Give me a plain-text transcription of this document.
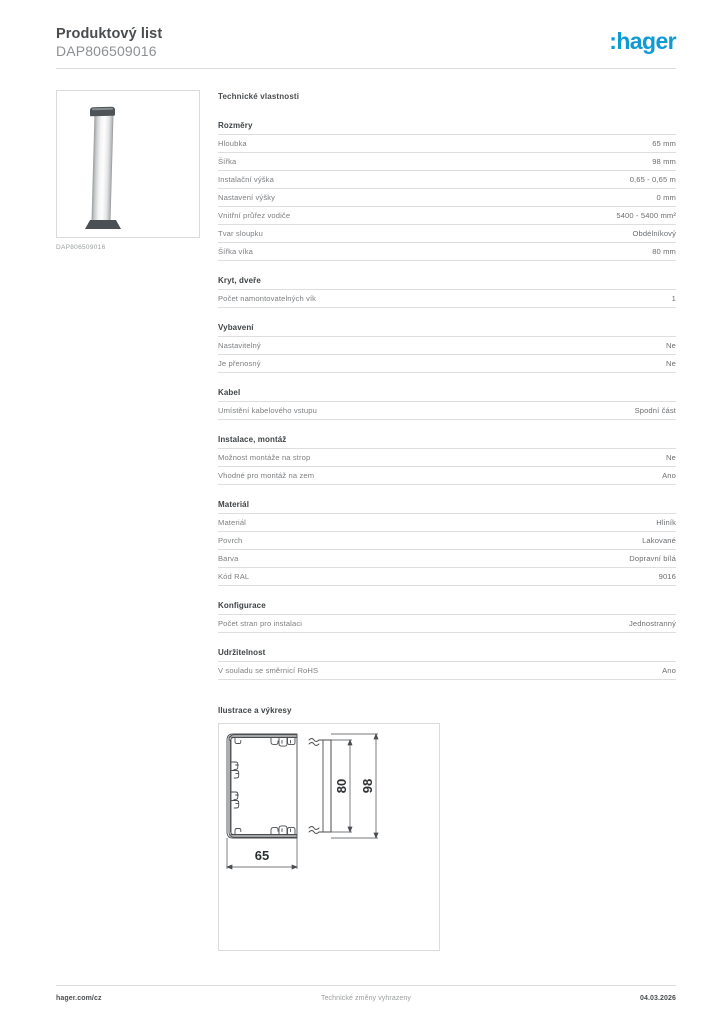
Produktový list
DAP806509016	:hager
DAP806509016
Technické vlastnosti
Rozměry
Hloubka	65 mm
Šířka	98 mm
Instalační výška	0,65 - 0,65 m
Nastavení výšky	0 mm
Vnitřní průřez vodiče	5400 - 5400 mm²
Tvar sloupku	Obdélníkový
Šířka víka	80 mm
Kryt, dveře
Počet namontovatelných vík	1
Vybavení
Nastavitelný	Ne
Je přenosný	Ne
Kabel
Umístění kabelového vstupu	Spodní část
Instalace, montáž
Možnost montáže na strop	Ne
Vhodné pro montáž na zem	Ano
Materiál
Materiál	Hliník
Povrch	Lakované
Barva	Dopravní bílá
Kód RAL	9016
Konfigurace
Počet stran pro instalaci	Jednostranný
Udržitelnost
V souladu se směrnicí RoHS	Ano
Ilustrace a výkresy
80 98
65
hager.com/cz	Technické změny vyhrazeny	04.03.2026
